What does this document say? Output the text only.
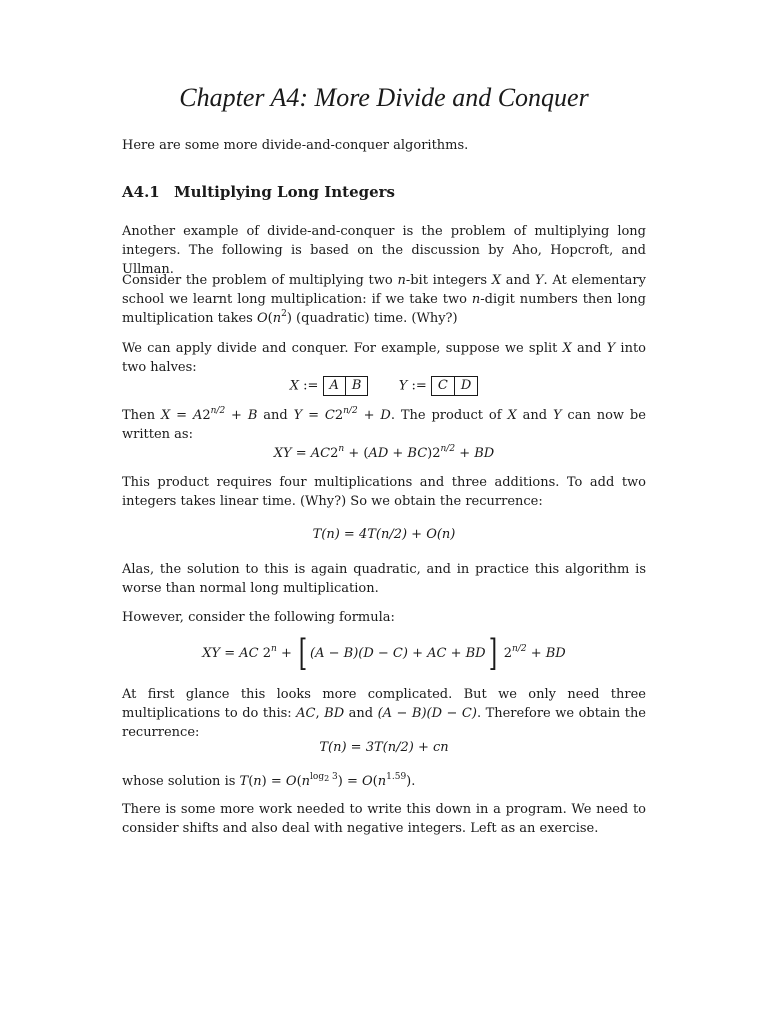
Chapter A4: More Divide and Conquer

Here are some more divide-and-conquer algorithms.

A4.1 Multiplying Long Integers

Another example of divide-and-conquer is the problem of multiplying long integers. The following is based on the discussion by Aho, Hopcroft, and Ullman.

Consider the problem of multiplying two n-bit integers X and Y. At elementary school we learnt long multiplication: if we take two n-digit numbers then long multiplication takes $O(n^2)$ (quadratic) time. (Why?)

We can apply divide and conquer. For example, suppose we split X and Y into two halves:

X := A	B	Y := C	D

Then $X = A2^{n/2} + B$ and $Y = C2^{n/2} + D$. The product of X and Y can now be written as:

XY = $AC2^n + (AD + BC)2^{n/2}$ + BD

This product requires four multiplications and three additions. To add two integers takes linear time. (Why?) So we obtain the recurrence:

T(n) = 4T(n/2) + O(n)

Alas, the solution to this is again quadratic, and in practice this algorithm is worse than normal long multiplication.

However, consider the following formula:

XY = AC $2^n$ + [ (A − B)(D − C) + AC + BD] $2^{n/2}$ + BD

At first glance this looks more complicated. But we only need three multiplications to do this: AC, BD and (A − B)(D − C). Therefore we obtain the recurrence:

T(n) = 3T(n/2) + cn

whose solution is $T(n) = O(n^{log_2 3}) = O(n^{1.59})$.

There is some more work needed to write this down in a program. We need to consider shifts and also deal with negative integers. Left as an exercise.
